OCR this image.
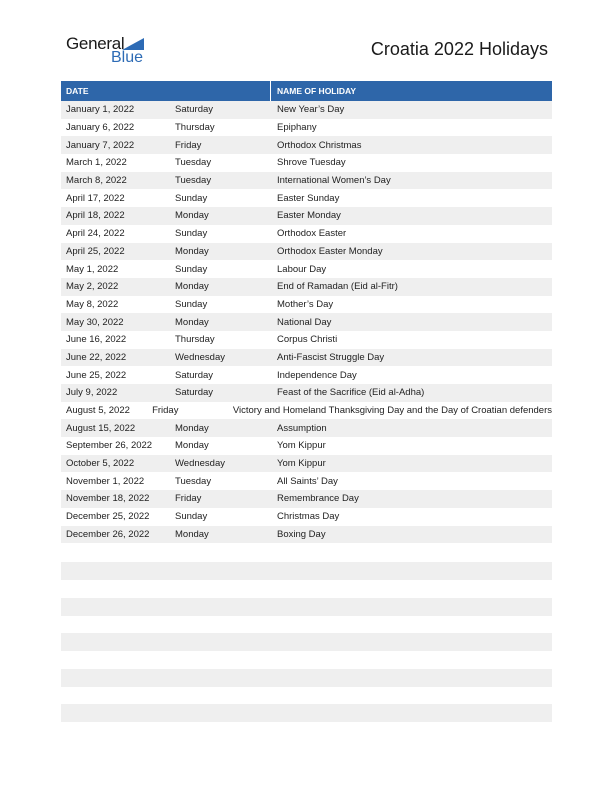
General
Blue	Croatia 2022 Holidays
DATE	NAME OF HOLIDAY
January 1, 2022	Saturday	New Year’s Day
January 6, 2022	Thursday	Epiphany
January 7, 2022	Friday	Orthodox Christmas
March 1, 2022	Tuesday	Shrove Tuesday
March 8, 2022	Tuesday	International Women’s Day
April 17, 2022	Sunday	Easter Sunday
April 18, 2022	Monday	Easter Monday
April 24, 2022	Sunday	Orthodox Easter
April 25, 2022	Monday	Orthodox Easter Monday
May 1, 2022	Sunday	Labour Day
May 2, 2022	Monday	End of Ramadan (Eid al-Fitr)
May 8, 2022	Sunday	Mother’s Day
May 30, 2022	Monday	National Day
June 16, 2022	Thursday	Corpus Christi
June 22, 2022	Wednesday	Anti-Fascist Struggle Day
June 25, 2022	Saturday	Independence Day
July 9, 2022	Saturday	Feast of the Sacrifice (Eid al-Adha)
August 5, 2022	Friday	Victory and Homeland Thanksgiving Day and the Day of Croatian defenders
August 15, 2022	Monday	Assumption
September 26, 2022	Monday	Yom Kippur
October 5, 2022	Wednesday	Yom Kippur
November 1, 2022	Tuesday	All Saints’ Day
November 18, 2022	Friday	Remembrance Day
December 25, 2022	Sunday	Christmas Day
December 26, 2022	Monday	Boxing Day
